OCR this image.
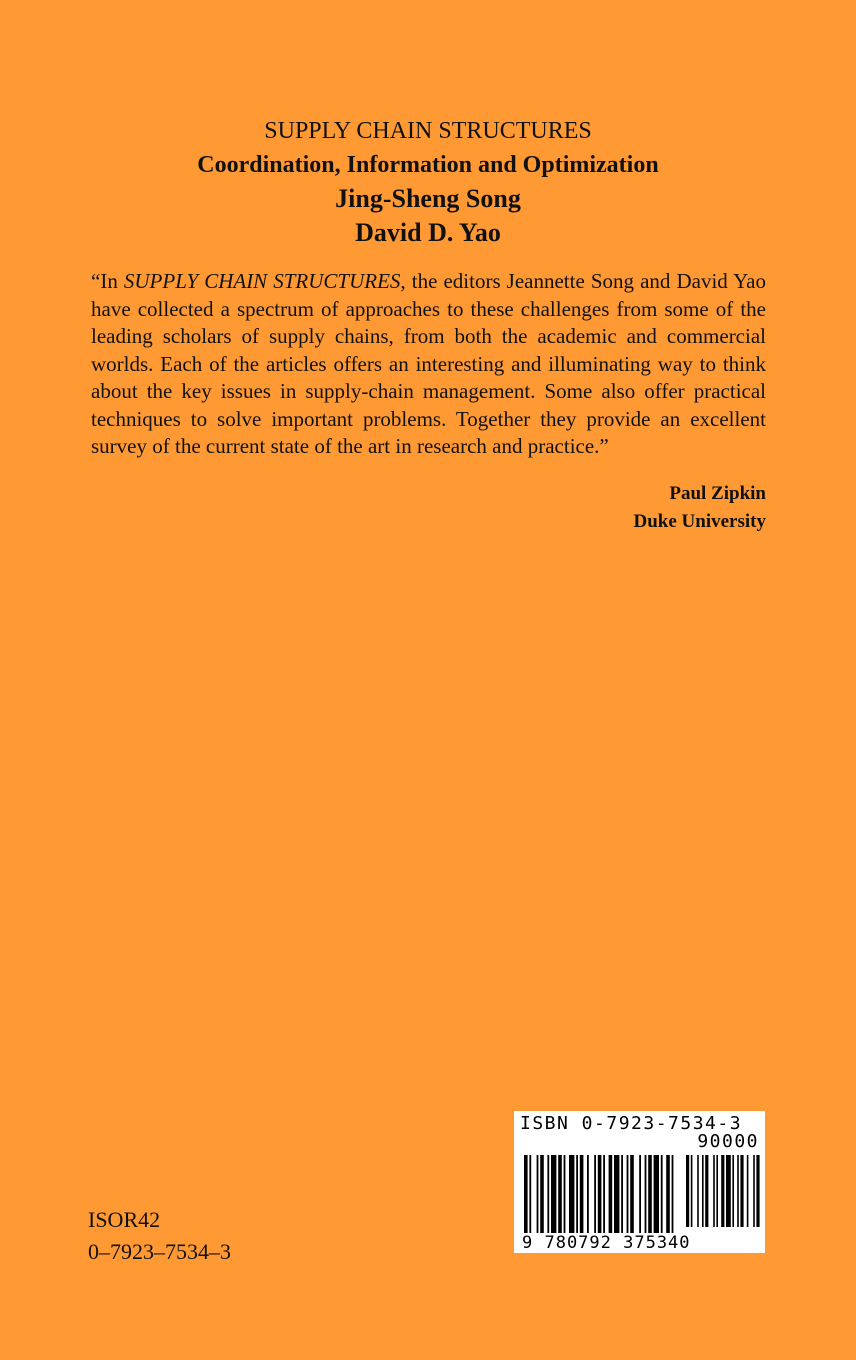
SUPPLY CHAIN STRUCTURES
Coordination, Information and Optimization
Jing-Sheng Song
David D. Yao
“In SUPPLY CHAIN STRUCTURES, the editors Jeannette Song and David Yao have collected a spectrum of approaches to these challenges from some of the leading scholars of supply chains, from both the academic and commercial worlds. Each of the articles offers an interesting and illuminating way to think about the key issues in supply-chain management. Some also offer practical techniques to solve important problems. Together they provide an excellent survey of the current state of the art in research and practice.”
Paul Zipkin
Duke University
ISOR42
0–7923–7534–3
ISBN 0-7923-7534-3
90000
9 780792 375340
